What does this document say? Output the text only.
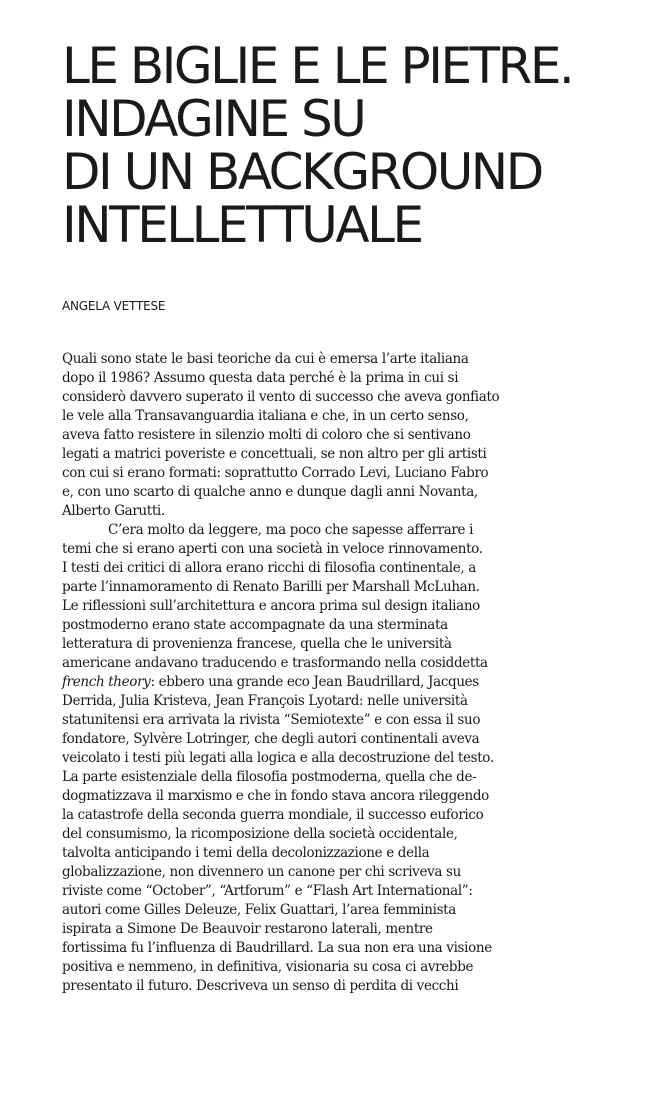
LE BIGLIE E LE PIETRE.
INDAGINE SU
DI UN BACKGROUND
INTELLETTUALE
ANGELA VETTESE

Quali sono state le basi teoriche da cui è emersa l’arte italiana
dopo il 1986? Assumo questa data perché è la prima in cui si
considerò davvero superato il vento di successo che aveva gonfiato
le vele alla Transavanguardia italiana e che, in un certo senso,
aveva fatto resistere in silenzio molti di coloro che si sentivano
legati a matrici poveriste e concettuali, se non altro per gli artisti
con cui si erano formati: soprattutto Corrado Levi, Luciano Fabro
e, con uno scarto di qualche anno e dunque dagli anni Novanta,
Alberto Garutti.

C’era molto da leggere, ma poco che sapesse afferrare i
temi che si erano aperti con una società in veloce rinnovamento.
I testi dei critici di allora erano ricchi di filosofia continentale, a
parte l’innamoramento di Renato Barilli per Marshall McLuhan.
Le riflessioni sull’architettura e ancora prima sul design italiano
postmoderno erano state accompagnate da una sterminata
letteratura di provenienza francese, quella che le università
americane andavano traducendo e trasformando nella cosiddetta
french theory: ebbero una grande eco Jean Baudrillard, Jacques
Derrida, Julia Kristeva, Jean François Lyotard: nelle università
statunitensi era arrivata la rivista “Semiotexte” e con essa il suo
fondatore, Sylvère Lotringer, che degli autori continentali aveva
veicolato i testi più legati alla logica e alla decostruzione del testo.
La parte esistenziale della filosofia postmoderna, quella che de-
dogmatizzava il marxismo e che in fondo stava ancora rileggendo
la catastrofe della seconda guerra mondiale, il successo euforico
del consumismo, la ricomposizione della società occidentale,
talvolta anticipando i temi della decolonizzazione e della
globalizzazione, non divennero un canone per chi scriveva su
riviste come “October”, “Artforum” e “Flash Art International”:
autori come Gilles Deleuze, Felix Guattari, l’area femminista
ispirata a Simone De Beauvoir restarono laterali, mentre
fortissima fu l’influenza di Baudrillard. La sua non era una visione
positiva e nemmeno, in definitiva, visionaria su cosa ci avrebbe
presentato il futuro. Descriveva un senso di perdita di vecchi
